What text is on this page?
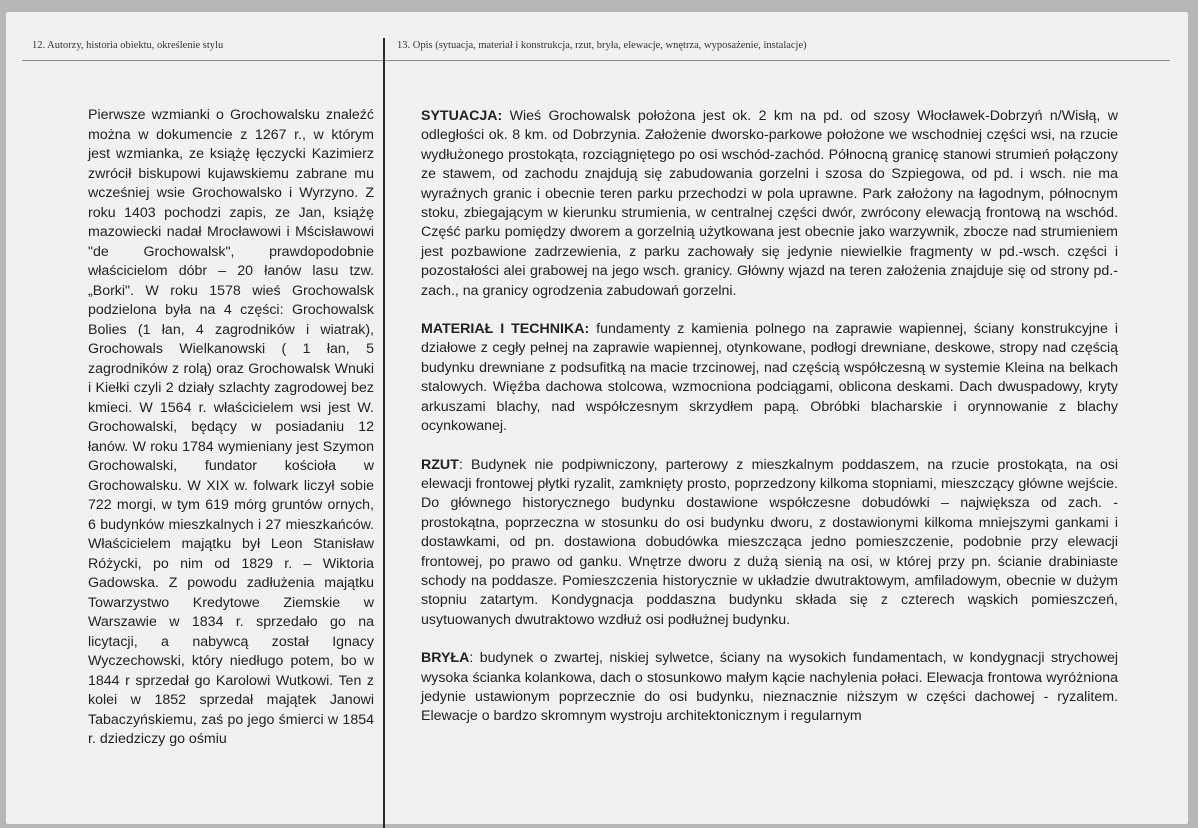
12. Autorzy, historia obiektu, określenie stylu	13. Opis (sytuacja, materiał i konstrukcja, rzut, bryła, elewacje, wnętrza, wyposażenie, instalacje)

Pierwsze wzmianki o Grochowalsku znaleźć można w dokumencie z 1267 r., w którym jest wzmianka, ze książę łęczycki Kazimierz zwrócił biskupowi kujawskiemu zabrane mu wcześniej wsie Grochowalsko i Wyrzyno. Z roku 1403 pochodzi zapis, ze Jan, książę mazowiecki nadał Mrocławowi i Mścisławowi "de Grochowalsk", prawdopodobnie właścicielom dóbr – 20 łanów lasu tzw. „Borki". W roku 1578 wieś Grochowalsk podzielona była na 4 części: Grochowalsk Bolies (1 łan, 4 zagrodników i wiatrak), Grochowals Wielkanowski ( 1 łan, 5 zagrodników z rolą) oraz Grochowalsk Wnuki i Kiełki czyli 2 działy szlachty zagrodowej bez kmieci. W 1564 r. właścicielem wsi jest W. Grochowalski, będący w posiadaniu 12 łanów. W roku 1784 wymieniany jest Szymon Grochowalski, fundator kościoła w Grochowalsku. W XIX w. folwark liczył sobie 722 morgi, w tym 619 mórg gruntów ornych, 6 budynków mieszkalnych i 27 mieszkańców. Właścicielem majątku był Leon Stanisław Różycki, po nim od 1829 r. – Wiktoria Gadowska. Z powodu zadłużenia majątku Towarzystwo Kredytowe Ziemskie w Warszawie w 1834 r. sprzedało go na licytacji, a nabywcą został Ignacy Wyczechowski, który niedługo potem, bo w 1844 r sprzedał go Karolowi Wutkowi. Ten z kolei w 1852 sprzedał majątek Janowi Tabaczyńskiemu, zaś po jego śmierci w 1854 r. dziedziczy go ośmiu

SYTUACJA: Wieś Grochowalsk położona jest ok. 2 km na pd. od szosy Włocławek-Dobrzyń n/Wisłą, w odległości ok. 8 km. od Dobrzynia. Założenie dworsko-parkowe położone we wschodniej części wsi, na rzucie wydłużonego prostokąta, rozciągniętego po osi wschód-zachód. Północną granicę stanowi strumień połączony ze stawem, od zachodu znajdują się zabudowania gorzelni i szosa do Szpiegowa, od pd. i wsch. nie ma wyraźnych granic i obecnie teren parku przechodzi w pola uprawne. Park założony na łagodnym, północnym stoku, zbiegającym w kierunku strumienia, w centralnej części dwór, zwrócony elewacją frontową na wschód. Część parku pomiędzy dworem a gorzelnią użytkowana jest obecnie jako warzywnik, zbocze nad strumieniem jest pozbawione zadrzewienia, z parku zachowały się jedynie niewielkie fragmenty w pd.-wsch. części i pozostałości alei grabowej na jego wsch. granicy. Główny wjazd na teren założenia znajduje się od strony pd.-zach., na granicy ogrodzenia zabudowań gorzelni.

MATERIAŁ I TECHNIKA: fundamenty z kamienia polnego na zaprawie wapiennej, ściany konstrukcyjne i działowe z cegły pełnej na zaprawie wapiennej, otynkowane, podłogi drewniane, deskowe, stropy nad częścią budynku drewniane z podsufitką na macie trzcinowej, nad częścią współczesną w systemie Kleina na belkach stalowych. Więźba dachowa stolcowa, wzmocniona podciągami, oblicona deskami. Dach dwuspadowy, kryty arkuszami blachy, nad współczesnym skrzydłem papą. Obróbki blacharskie i orynnowanie z blachy ocynkowanej.

RZUT: Budynek nie podpiwniczony, parterowy z mieszkalnym poddaszem, na rzucie prostokąta, na osi elewacji frontowej płytki ryzalit, zamknięty prosto, poprzedzony kilkoma stopniami, mieszczący główne wejście. Do głównego historycznego budynku dostawione współczesne dobudówki – największa od zach. - prostokątna, poprzeczna w stosunku do osi budynku dworu, z dostawionymi kilkoma mniejszymi gankami i dostawkami, od pn. dostawiona dobudówka mieszcząca jedno pomieszczenie, podobnie przy elewacji frontowej, po prawo od ganku. Wnętrze dworu z dużą sienią na osi, w której przy pn. ścianie drabiniaste schody na poddasze. Pomieszczenia historycznie w układzie dwutraktowym, amfiladowym, obecnie w dużym stopniu zatartym. Kondygnacja poddaszna budynku składa się z czterech wąskich pomieszczeń, usytuowanych dwutraktowo wzdłuż osi podłużnej budynku.

BRYŁA: budynek o zwartej, niskiej sylwetce, ściany na wysokich fundamentach, w kondygnacji strychowej wysoka ścianka kolankowa, dach o stosunkowo małym kącie nachylenia połaci. Elewacja frontowa wyróżniona jedynie ustawionym poprzecznie do osi budynku, nieznacznie niższym w części dachowej - ryzalitem. Elewacje o bardzo skromnym wystroju architektonicznym i regularnym
